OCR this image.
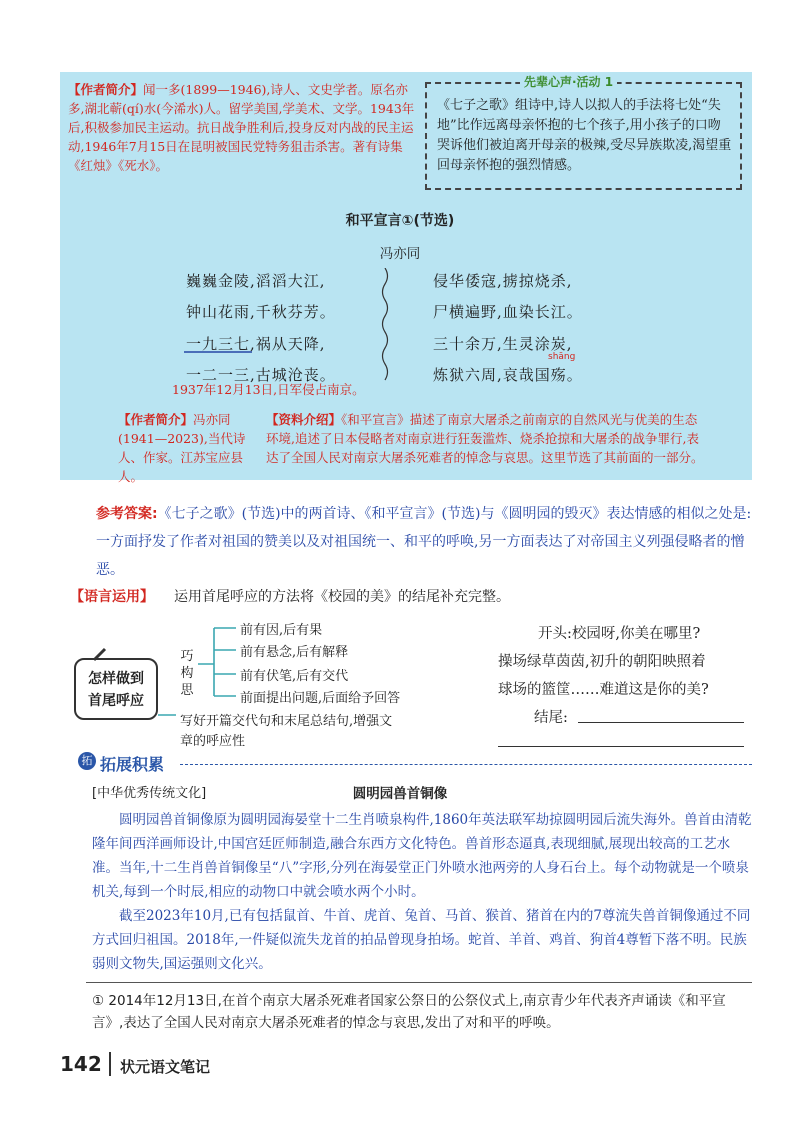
【作者简介】闻一多(1899—1946),诗人、文史学者。原名亦多,湖北蕲(qí)水(今浠水)人。留学美国,学美术、文学。1943年后,积极参加民主运动。抗日战争胜利后,投身反对内战的民主运动,1946年7月15日在昆明被国民党特务狙击杀害。著有诗集《红烛》《死水》。
《七子之歌》组诗中,诗人以拟人的手法将七处“失地”比作远离母亲怀抱的七个孩子,用小孩子的口吻哭诉他们被迫离开母亲的极辣,受尽异族欺凌,渴望重回母亲怀抱的强烈情感。
先辈心声·活动 1
和平宣言①(节选)
冯亦同
巍巍金陵,滔滔大江,
钟山花雨,千秋芬芳。
一九三七,祸从天降,
一二一三,古城沧丧。
侵华倭寇,掳掠烧杀,
尸横遍野,血染长江。
三十余万,生灵涂炭,
炼狱六周,哀哉国殇。
shāng
1937年12月13日,日军侵占南京。
【作者简介】冯亦同(1941—2023),当代诗人、作家。江苏宝应县人。
【资料介绍】《和平宣言》描述了南京大屠杀之前南京的自然风光与优美的生态环境,追述了日本侵略者对南京进行狂轰滥炸、烧杀抢掠和大屠杀的战争罪行,表达了全国人民对南京大屠杀死难者的悼念与哀思。这里节选了其前面的一部分。
参考答案:《七子之歌》(节选)中的两首诗、《和平宣言》(节选)与《圆明园的毁灭》表达情感的相似之处是:一方面抒发了作者对祖国的赞美以及对祖国统一、和平的呼唤,另一方面表达了对帝国主义列强侵略者的憎恶。
【语言运用】 运用首尾呼应的方法将《校园的美》的结尾补充完整。
怎样做到
首尾呼应
巧构思
前有因,后有果
前有悬念,后有解释
前有伏笔,后有交代
前面提出问题,后面给予回答
写好开篇交代句和末尾总结句,增强文
章的呼应性
开头:校园呀,你美在哪里?
操场绿草茵茵,初升的朝阳映照着
球场的篮筐……难道这是你的美?
结尾:
拓 拓展积累
[中华优秀传统文化]	圆明园兽首铜像
圆明园兽首铜像原为圆明园海晏堂十二生肖喷泉构件,1860年英法联军劫掠圆明园后流失海外。兽首由清乾隆年间西洋画师设计,中国宫廷匠师制造,融合东西方文化特色。兽首形态逼真,表现细腻,展现出较高的工艺水准。当年,十二生肖兽首铜像呈“八”字形,分列在海晏堂正门外喷水池两旁的人身石台上。每个动物就是一个喷泉机关,每到一个时辰,相应的动物口中就会喷水两个小时。
截至2023年10月,已有包括鼠首、牛首、虎首、兔首、马首、猴首、猪首在内的7尊流失兽首铜像通过不同方式回归祖国。2018年,一件疑似流失龙首的拍品曾现身拍场。蛇首、羊首、鸡首、狗首4尊暂下落不明。民族弱则文物失,国运强则文化兴。
① 2014年12月13日,在首个南京大屠杀死难者国家公祭日的公祭仪式上,南京青少年代表齐声诵读《和平宣言》,表达了全国人民对南京大屠杀死难者的悼念与哀思,发出了对和平的呼唤。
142 状元语文笔记
